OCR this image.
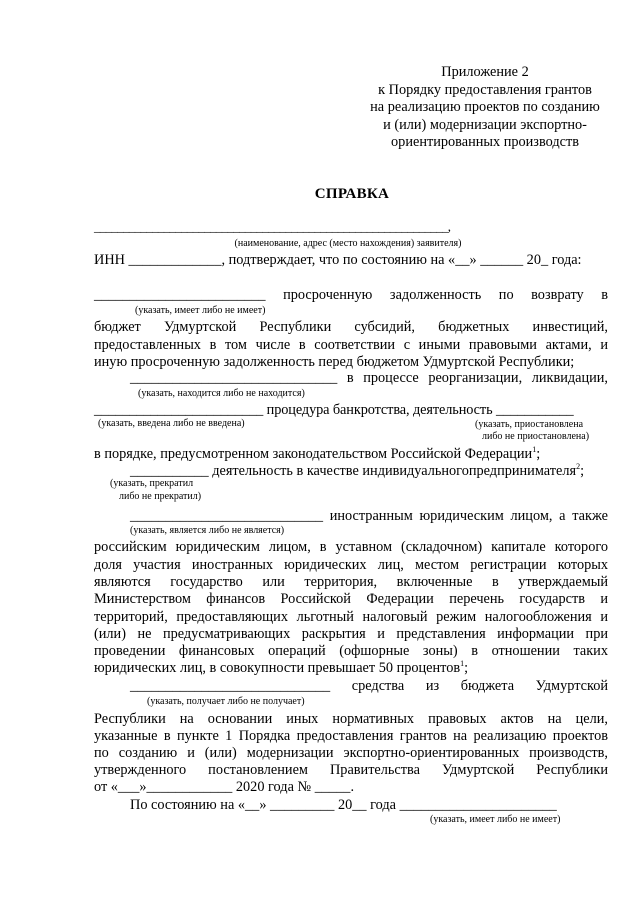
Приложение 2
к Порядку предоставления грантов
на реализацию проектов по созданию
и (или) модернизации экспортно-
ориентированных производств
СПРАВКА
_____________________________________________________________,
(наименование, адрес (место нахождения) заявителя)
ИНН _____________, подтверждает, что по состоянию на «__» ______ 20_ года:
________________________ просроченную задолженность по возврату в
(указать, имеет либо не имеет)
бюджет Удмуртской Республики субсидий, бюджетных инвестиций,
предоставленных в том числе в соответствии с иными правовыми актами, и
иную просроченную задолженность перед бюджетом Удмуртской Республики;
_____________________________ в процессе реорганизации, ликвидации,
(указать, находится либо не находится)
________________________ процедура банкротства, деятельность ___________
(указать, введена либо не введена)	(указать, приостановлена
либо не приостановлена)
в порядке, предусмотренном законодательством Российской Федерации$^1$;
___________ деятельность в качестве индивидуальногопредпринимателя$^2$;
(указать, прекратил
либо не прекратил)
___________________________ иностранным юридическим лицом, а также
(указать, является либо не является)
российским юридическим лицом, в уставном (складочном) капитале которого
доля участия иностранных юридических лиц, местом регистрации которых
являются государство или территория, включенные в утверждаемый
Министерством финансов Российской Федерации перечень государств и
территорий, предоставляющих льготный налоговый режим налогообложения и
(или) не предусматривающих раскрытия и представления информации при
проведении финансовых операций (офшорные зоны) в отношении таких
юридических лиц, в совокупности превышает 50 процентов$^1$;
____________________________ средства из бюджета Удмуртской
(указать, получает либо не получает)
Республики на основании иных нормативных правовых актов на цели,
указанные в пункте 1 Порядка предоставления грантов на реализацию проектов
по созданию и (или) модернизации экспортно-ориентированных производств,
утвержденного постановлением Правительства Удмуртской Республики
от «___»____________ 2020 года № _____.
По состоянию на «__» _________ 20__ года ______________________
(указать, имеет либо не имеет)
